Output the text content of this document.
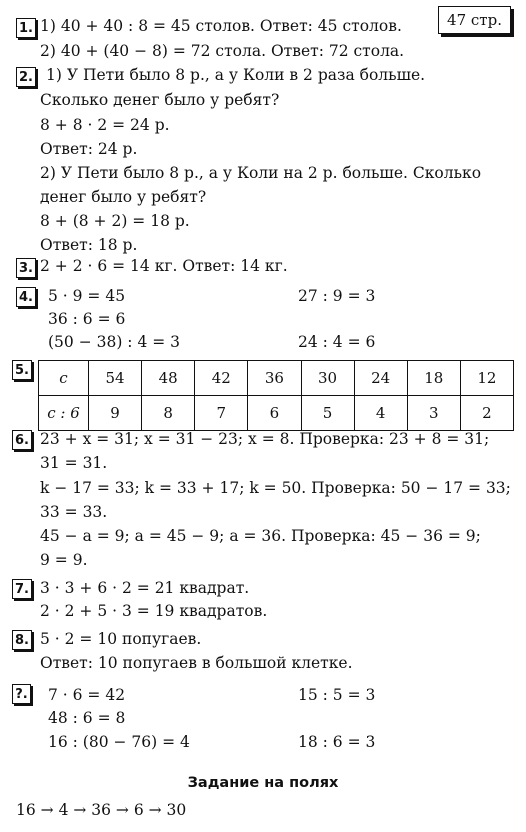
47 стр.
1. 1) 40 + 40 : 8 = 45 столов. Ответ: 45 столов.
2) 40 + (40 − 8) = 72 стола. Ответ: 72 стола.
2. 1) У Пети было 8 р., а у Коли в 2 раза больше.
Сколько денег было у ребят?
8 + 8 · 2 = 24 р.
Ответ: 24 р.
2) У Пети было 8 р., а у Коли на 2 р. больше. Сколько
денег было у ребят?
8 + (8 + 2) = 18 р.
Ответ: 18 р.
3. 2 + 2 · 6 = 14 кг. Ответ: 14 кг.
4. 5 · 9 = 45
36 : 6 = 6
(50 − 38) : 4 = 3
27 : 9 = 3
24 : 4 = 6
5. c	54	48	42	36	30	24	18	12
c : 6	9	8	7	6	5	4	3	2
6. 23 + x = 31; x = 31 − 23; x = 8. Проверка: 23 + 8 = 31;
31 = 31.
k − 17 = 33; k = 33 + 17; k = 50. Проверка: 50 − 17 = 33;
33 = 33.
45 − a = 9; a = 45 − 9; a = 36. Проверка: 45 − 36 = 9;
9 = 9.
7. 3 · 3 + 6 · 2 = 21 квадрат.
2 · 2 + 5 · 3 = 19 квадратов.
8. 5 · 2 = 10 попугаев.
Ответ: 10 попугаев в большой клетке.
?. 7 · 6 = 42
48 : 6 = 8
16 : (80 − 76) = 4
15 : 5 = 3
18 : 6 = 3
Задание на полях
16 → 4 → 36 → 6 → 30
